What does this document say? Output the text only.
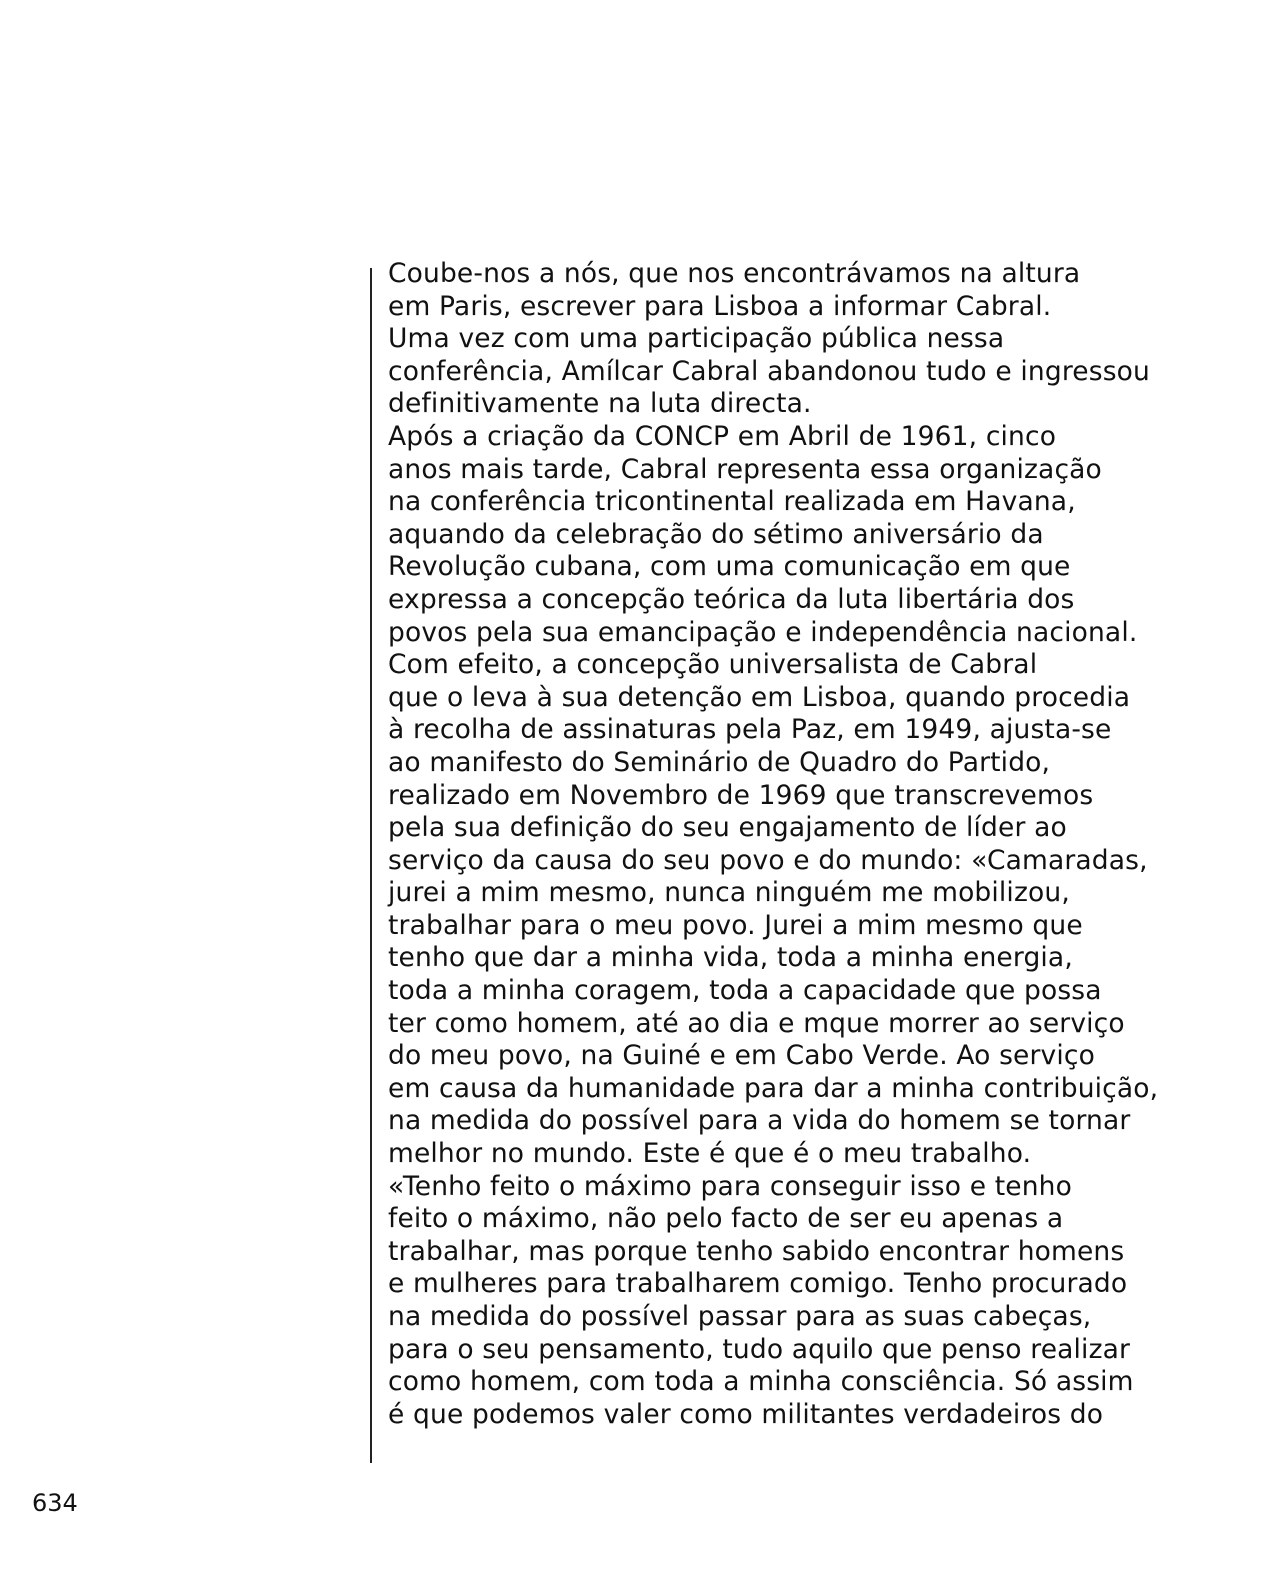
Coube-nos a nós, que nos encontrávamos na altura
em Paris, escrever para Lisboa a informar Cabral.
Uma vez com uma participação pública nessa
conferência, Amílcar Cabral abandonou tudo e ingressou
definitivamente na luta directa.
Após a criação da CONCP em Abril de 1961, cinco
anos mais tarde, Cabral representa essa organização
na conferência tricontinental realizada em Havana,
aquando da celebração do sétimo aniversário da
Revolução cubana, com uma comunicação em que
expressa a concepção teórica da luta libertária dos
povos pela sua emancipação e independência nacional.
Com efeito, a concepção universalista de Cabral
que o leva à sua detenção em Lisboa, quando procedia
à recolha de assinaturas pela Paz, em 1949, ajusta-se
ao manifesto do Seminário de Quadro do Partido,
realizado em Novembro de 1969 que transcrevemos
pela sua definição do seu engajamento de líder ao
serviço da causa do seu povo e do mundo: «Camaradas,
jurei a mim mesmo, nunca ninguém me mobilizou,
trabalhar para o meu povo. Jurei a mim mesmo que
tenho que dar a minha vida, toda a minha energia,
toda a minha coragem, toda a capacidade que possa
ter como homem, até ao dia e mque morrer ao serviço
do meu povo, na Guiné e em Cabo Verde. Ao serviço
em causa da humanidade para dar a minha contribuição,
na medida do possível para a vida do homem se tornar
melhor no mundo. Este é que é o meu trabalho.
«Tenho feito o máximo para conseguir isso e tenho
feito o máximo, não pelo facto de ser eu apenas a
trabalhar, mas porque tenho sabido encontrar homens
e mulheres para trabalharem comigo. Tenho procurado
na medida do possível passar para as suas cabeças,
para o seu pensamento, tudo aquilo que penso realizar
como homem, com toda a minha consciência. Só assim
é que podemos valer como militantes verdadeiros do
634
